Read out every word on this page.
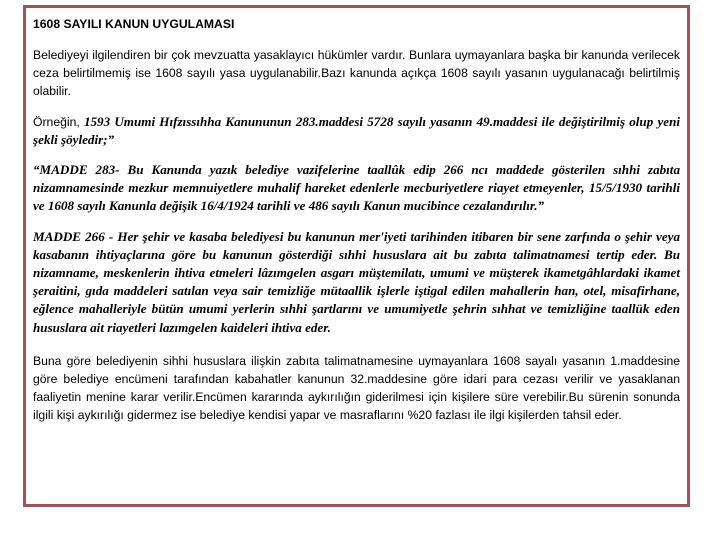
1608 SAYILI KANUN UYGULAMASI

Belediyeyi ilgilendiren bir çok mevzuatta yasaklayıcı hükümler vardır. Bunlara uymayanlara başka bir kanunda verilecek ceza belirtilmemiş ise 1608 sayılı yasa uygulanabilir.Bazı kanunda açıkça 1608 sayılı yasanın uygulanacağı belirtilmiş olabilir.

Örneğin, 1593 Umumi Hıfzıssıhha Kanununun 283.maddesi 5728 sayılı yasanın 49.maddesi ile değiştirilmiş olup yeni şekli şöyledir;”

“MADDE 283- Bu Kanunda yazık belediye vazifelerine taallûk edip 266 ncı maddede gösterilen sıhhi zabıta nizamnamesinde mezkur memnuiyetlere muhalif hareket edenlerle mecburiyetlere riayet etmeyenler, 15/5/1930 tarihli ve 1608 sayılı Kanunla değişik 16/4/1924 tarihli ve 486 sayılı Kanun mucibince cezalandırılır.”

MADDE 266 - Her şehir ve kasaba belediyesi bu kanunun mer'iyeti tarihinden itibaren bir sene zarfında o şehir veya kasabanın ihtiyaçlarına göre bu kanunun gösterdiği sıhhi hususlara ait bu zabıta talimatnamesi tertip eder. Bu nizamname, meskenlerin ihtiva etmeleri lâzımgelen asgarı müştemilatı, umumi ve müşterek ikametgâhlardaki ikamet şeraitini, gıda maddeleri satılan veya sair temizliğe mütaallik işlerle iştigal edilen mahallerin han, otel, misafirhane, eğlence mahalleriyle bütün umumi yerlerin sıhhi şartlarını ve umumiyetle şehrin sıhhat ve temizliğine taallük eden hususlara ait riayetleri lazımgelen kaideleri ihtiva eder.

Buna göre belediyenin sihhi hususlara ilişkin zabıta talimatnamesine uymayanlara 1608 sayalı yasanın 1.maddesine göre belediye encümeni tarafından kabahatler kanunun 32.maddesine göre idari para cezası verilir ve yasaklanan faaliyetin menine karar verilir.Encümen kararında aykırılığın giderilmesi için kişilere süre verebilir.Bu sürenin sonunda ilgili kişi aykırılığı gidermez ise belediye kendisi yapar ve masraflarını %20 fazlası ile ilgi kişilerden tahsil eder.
